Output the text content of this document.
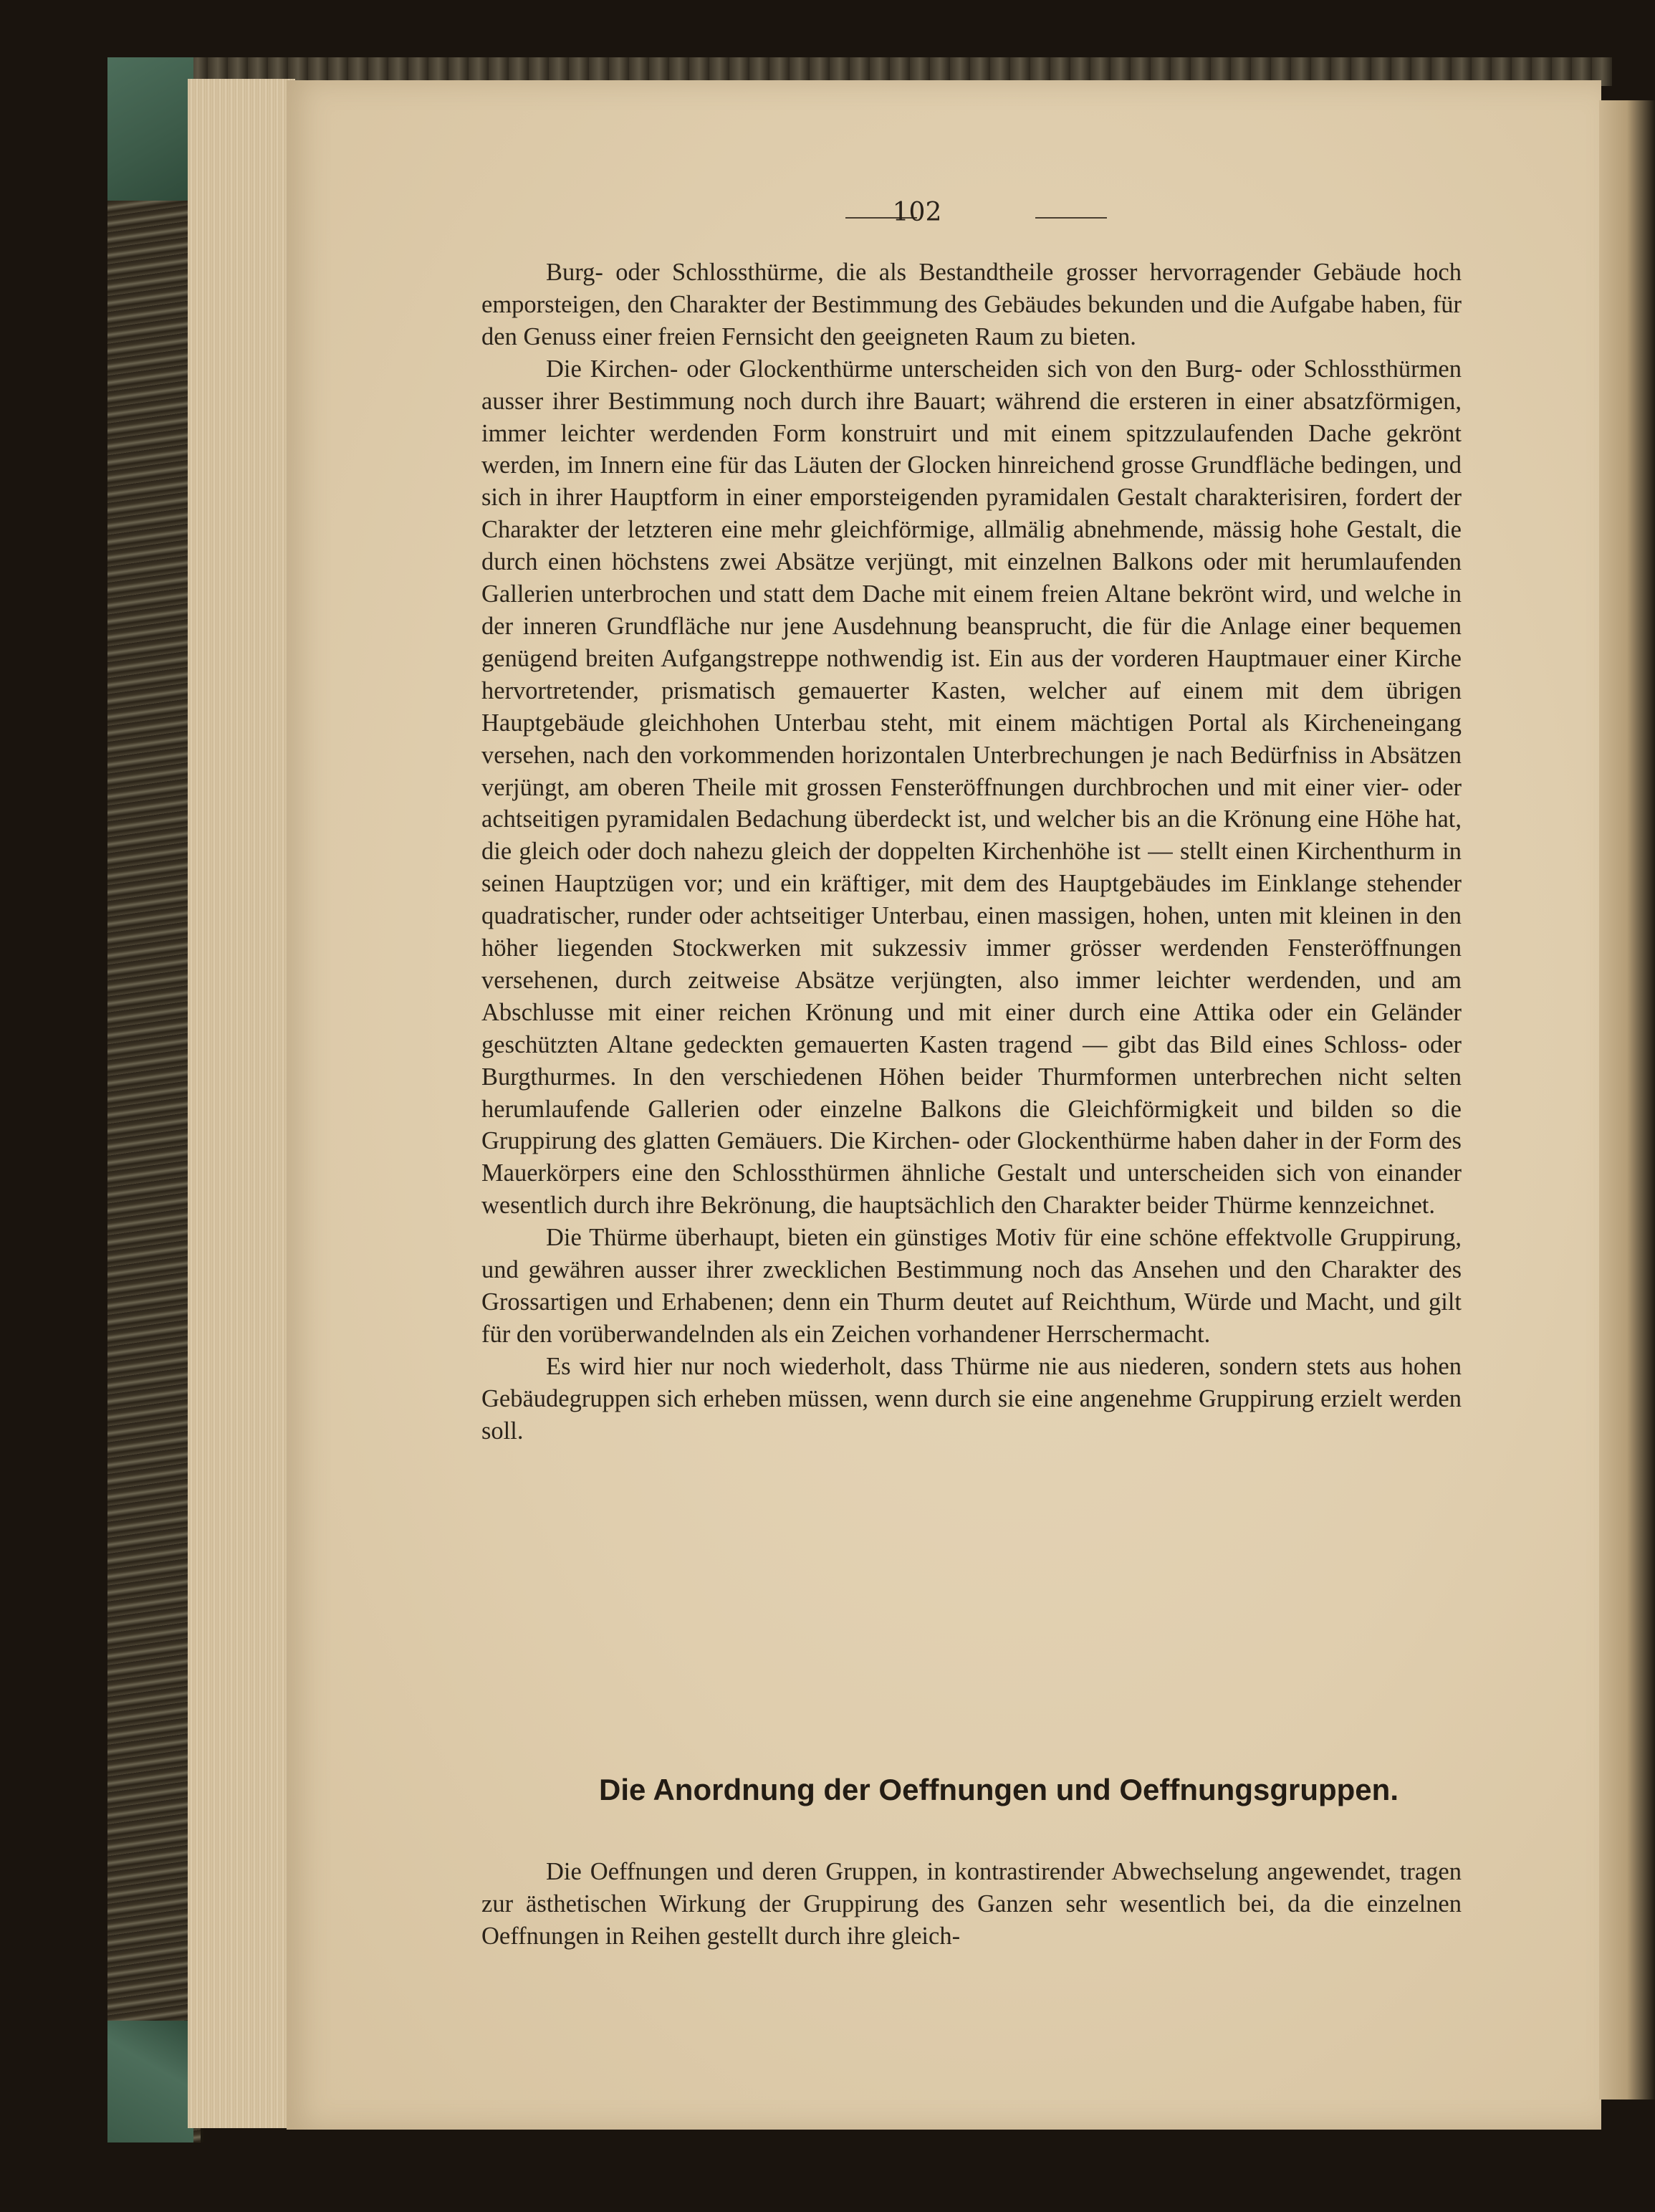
102

Burg- oder Schlossthürme, die als Bestandtheile grosser hervorragender Gebäude hoch emporsteigen, den Charakter der Bestimmung des Gebäudes bekunden und die Aufgabe haben, für den Genuss einer freien Fernsicht den geeigneten Raum zu bieten.

Die Kirchen- oder Glockenthürme unterscheiden sich von den Burg- oder Schlossthürmen ausser ihrer Bestimmung noch durch ihre Bauart; während die ersteren in einer absatzförmigen, immer leichter werdenden Form konstruirt und mit einem spitzzulaufenden Dache gekrönt werden, im Innern eine für das Läuten der Glocken hinreichend grosse Grundfläche bedingen, und sich in ihrer Hauptform in einer emporsteigenden pyramidalen Gestalt charakterisiren, fordert der Charakter der letzteren eine mehr gleichförmige, allmälig abnehmende, mässig hohe Gestalt, die durch einen höchstens zwei Absätze verjüngt, mit einzelnen Balkons oder mit herumlaufenden Gallerien unterbrochen und statt dem Dache mit einem freien Altane bekrönt wird, und welche in der inneren Grundfläche nur jene Ausdehnung beansprucht, die für die Anlage einer bequemen genügend breiten Aufgangstreppe nothwendig ist. Ein aus der vorderen Hauptmauer einer Kirche hervortretender, prismatisch gemauerter Kasten, welcher auf einem mit dem übrigen Hauptgebäude gleichhohen Unterbau steht, mit einem mächtigen Portal als Kircheneingang versehen, nach den vorkommenden horizontalen Unterbrechungen je nach Bedürfniss in Absätzen verjüngt, am oberen Theile mit grossen Fensteröffnungen durchbrochen und mit einer vier- oder achtseitigen pyramidalen Bedachung überdeckt ist, und welcher bis an die Krönung eine Höhe hat, die gleich oder doch nahezu gleich der doppelten Kirchenhöhe ist — stellt einen Kirchenthurm in seinen Hauptzügen vor; und ein kräftiger, mit dem des Hauptgebäudes im Einklange stehender quadratischer, runder oder achtseitiger Unterbau, einen massigen, hohen, unten mit kleinen in den höher liegenden Stockwerken mit sukzessiv immer grösser werdenden Fensteröffnungen versehenen, durch zeitweise Absätze verjüngten, also immer leichter werdenden, und am Abschlusse mit einer reichen Krönung und mit einer durch eine Attika oder ein Geländer geschützten Altane gedeckten gemauerten Kasten tragend — gibt das Bild eines Schloss- oder Burgthurmes. In den verschiedenen Höhen beider Thurmformen unterbrechen nicht selten herumlaufende Gallerien oder einzelne Balkons die Gleichförmigkeit und bilden so die Gruppirung des glatten Gemäuers. Die Kirchen- oder Glockenthürme haben daher in der Form des Mauerkörpers eine den Schlossthürmen ähnliche Gestalt und unterscheiden sich von einander wesentlich durch ihre Bekrönung, die hauptsächlich den Charakter beider Thürme kennzeichnet.

Die Thürme überhaupt, bieten ein günstiges Motiv für eine schöne effektvolle Gruppirung, und gewähren ausser ihrer zwecklichen Bestimmung noch das Ansehen und den Charakter des Grossartigen und Erhabenen; denn ein Thurm deutet auf Reichthum, Würde und Macht, und gilt für den vorüberwandelnden als ein Zeichen vorhandener Herrschermacht.

Es wird hier nur noch wiederholt, dass Thürme nie aus niederen, sondern stets aus hohen Gebäudegruppen sich erheben müssen, wenn durch sie eine angenehme Gruppirung erzielt werden soll.

Die Anordnung der Oeffnungen und Oeffnungsgruppen.

Die Oeffnungen und deren Gruppen, in kontrastirender Abwechselung angewendet, tragen zur ästhetischen Wirkung der Gruppirung des Ganzen sehr wesentlich bei, da die einzelnen Oeffnungen in Reihen gestellt durch ihre gleich-
